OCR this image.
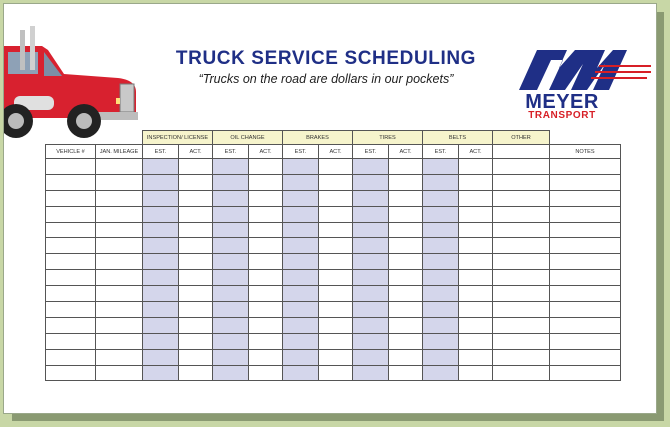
TRUCK SERVICE SCHEDULING
“Trucks on the road are dollars in our pockets”
MEYER
TRANSPORT
		INSPECTION/ LICENSE		OIL CHANGE		BRAKES		TIRES		BELTS		OTHER	
VEHICLE #	JAN. MILEAGE	EST.	ACT.	EST.	ACT.	EST.	ACT.	EST.	ACT.	EST.	ACT.		NOTES
